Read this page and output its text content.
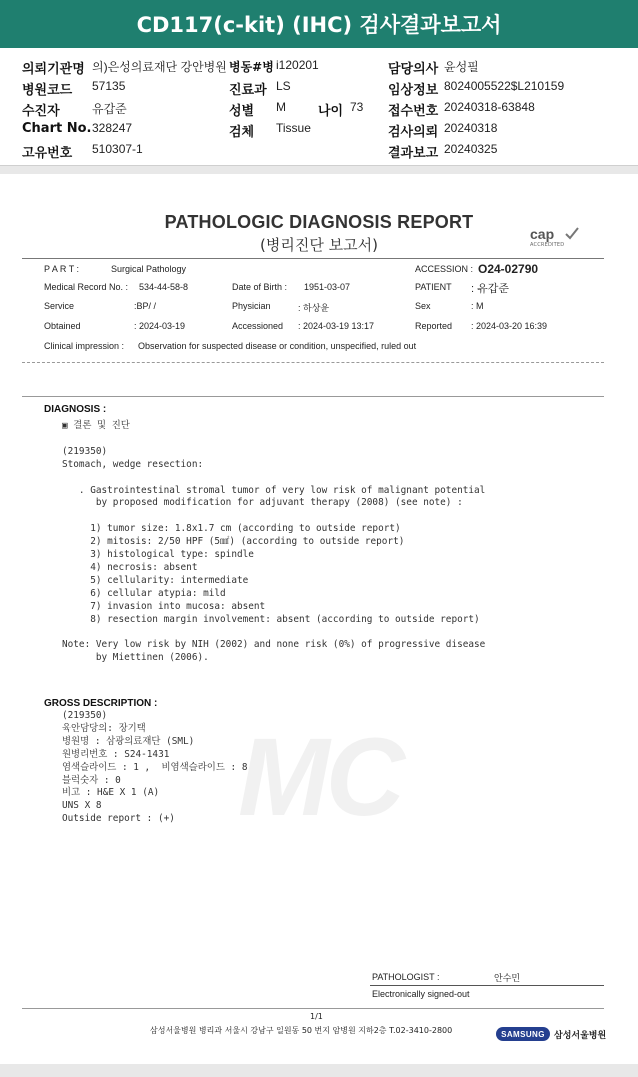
CD117(c-kit) (IHC) 검사결과보고서
의뢰기관명 의)은성의료재단 강안병원 병동#병 i120201	담당의사 윤성필
병원코드 57135	진료과 LS	임상정보 8024005522$L210159
수진자	유갑준	성별 M 나이 73 접수번호 20240318-63848
Chart No. 328247	검체 Tissue	검사의뢰 20240318
고유번호 510307-1	결과보고 20240325
MC
PATHOLOGIC DIAGNOSIS REPORT
(병리진단 보고서)
cap
ACCREDITED
P A R T :	Surgical Pathology	ACCESSION : O24-02790
Medical Record No. : 534-44-58-8	Date of Birth : 1951-03-07	PATIENT : 유갑준
Service	:BP/ /	Physician	: 하상윤	Sex	: M
Obtained	: 2024-03-19	Accessioned : 2024-03-19 13:17	Reported : 2024-03-20 16:39
Clinical impression : Observation for suspected disease or condition, unspecified, ruled out
DIAGNOSIS :
▣ 결론 및 진단

(219350)
Stomach, wedge resection:

. Gastrointestinal stromal tumor of very low risk of malignant potential
by proposed modification for adjuvant therapy (2008) (see note) :

1) tumor size: 1.8x1.7 cm (according to outside report)
2) mitosis: 2/50 HPF (5㎟) (according to outside report)
3) histological type: spindle
4) necrosis: absent
5) cellularity: intermediate
6) cellular atypia: mild
7) invasion into mucosa: absent
8) resection margin involvement: absent (according to outside report)

Note: Very low risk by NIH (2002) and none risk (0%) of progressive disease
by Miettinen (2006).
GROSS DESCRIPTION :
(219350)
육안담당의: 장기택
병원명 : 삼광의료재단 (SML)
원병리번호 : S24-1431
염색슬라이드 : 1 ,  비염색슬라이드 : 8
블럭숫자 : 0
비고 : H&E X 1 (A)
UNS X 8
Outside report : (+)
PATHOLOGIST :	안수민
Electronically signed-out
1/1
삼성서울병원 병리과 서울시 강남구 일원동 50 번지 암병원 지하2층 T.02-3410-2800	SAMSUNG	삼성서울병원
